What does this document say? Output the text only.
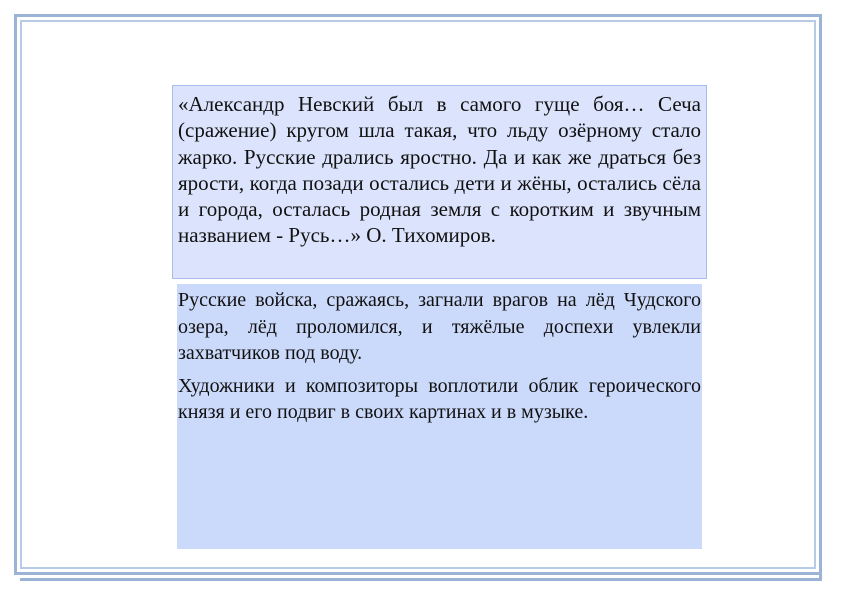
«Александр Невский был в самого гуще боя… Сеча (сражение) кругом шла такая, что льду озёрному стало жарко. Русские дрались яростно. Да и как же драться без ярости, когда позади остались дети и жёны, остались сёла и города, осталась родная земля с коротким и звучным названием - Русь…» О. Тихомиров.

Русские войска, сражаясь, загнали врагов на лёд Чудского озера, лёд проломился, и тяжёлые доспехи увлекли захватчиков под воду.

Художники и композиторы воплотили облик героического князя и его подвиг в своих картинах и в музыке.
